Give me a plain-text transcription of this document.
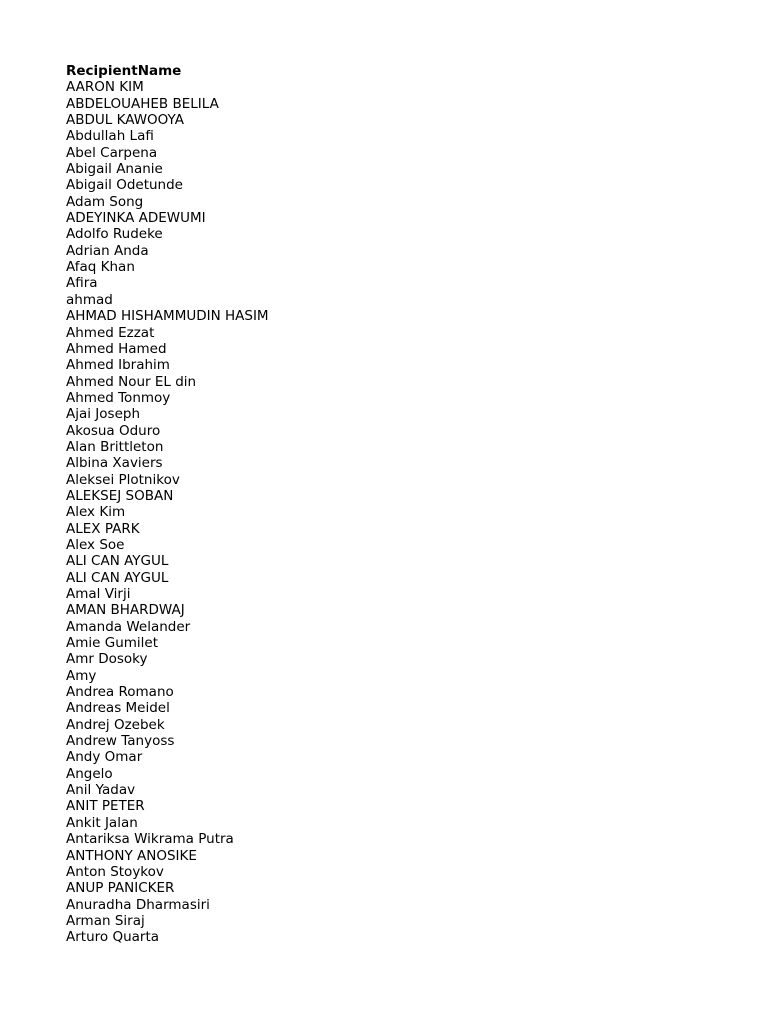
RecipientName
AARON KIM
ABDELOUAHEB BELILA
ABDUL KAWOOYA
Abdullah Lafi
Abel Carpena
Abigail Ananie
Abigail Odetunde
Adam Song
ADEYINKA ADEWUMI
Adolfo Rudeke
Adrian Anda
Afaq Khan
Afira
ahmad
AHMAD HISHAMMUDIN HASIM
Ahmed Ezzat
Ahmed Hamed
Ahmed Ibrahim
Ahmed Nour EL din
Ahmed Tonmoy
Ajai Joseph
Akosua Oduro
Alan Brittleton
Albina Xaviers
Aleksei Plotnikov
ALEKSEJ SOBAN
Alex Kim
ALEX PARK
Alex Soe
ALI CAN AYGUL
ALI CAN AYGUL
Amal Virji
AMAN BHARDWAJ
Amanda Welander
Amie Gumilet
Amr Dosoky
Amy
Andrea Romano
Andreas Meidel
Andrej Ozebek
Andrew Tanyoss
Andy Omar
Angelo
Anil Yadav
ANIT PETER
Ankit Jalan
Antariksa Wikrama Putra
ANTHONY ANOSIKE
Anton Stoykov
ANUP PANICKER
Anuradha Dharmasiri
Arman Siraj
Arturo Quarta
